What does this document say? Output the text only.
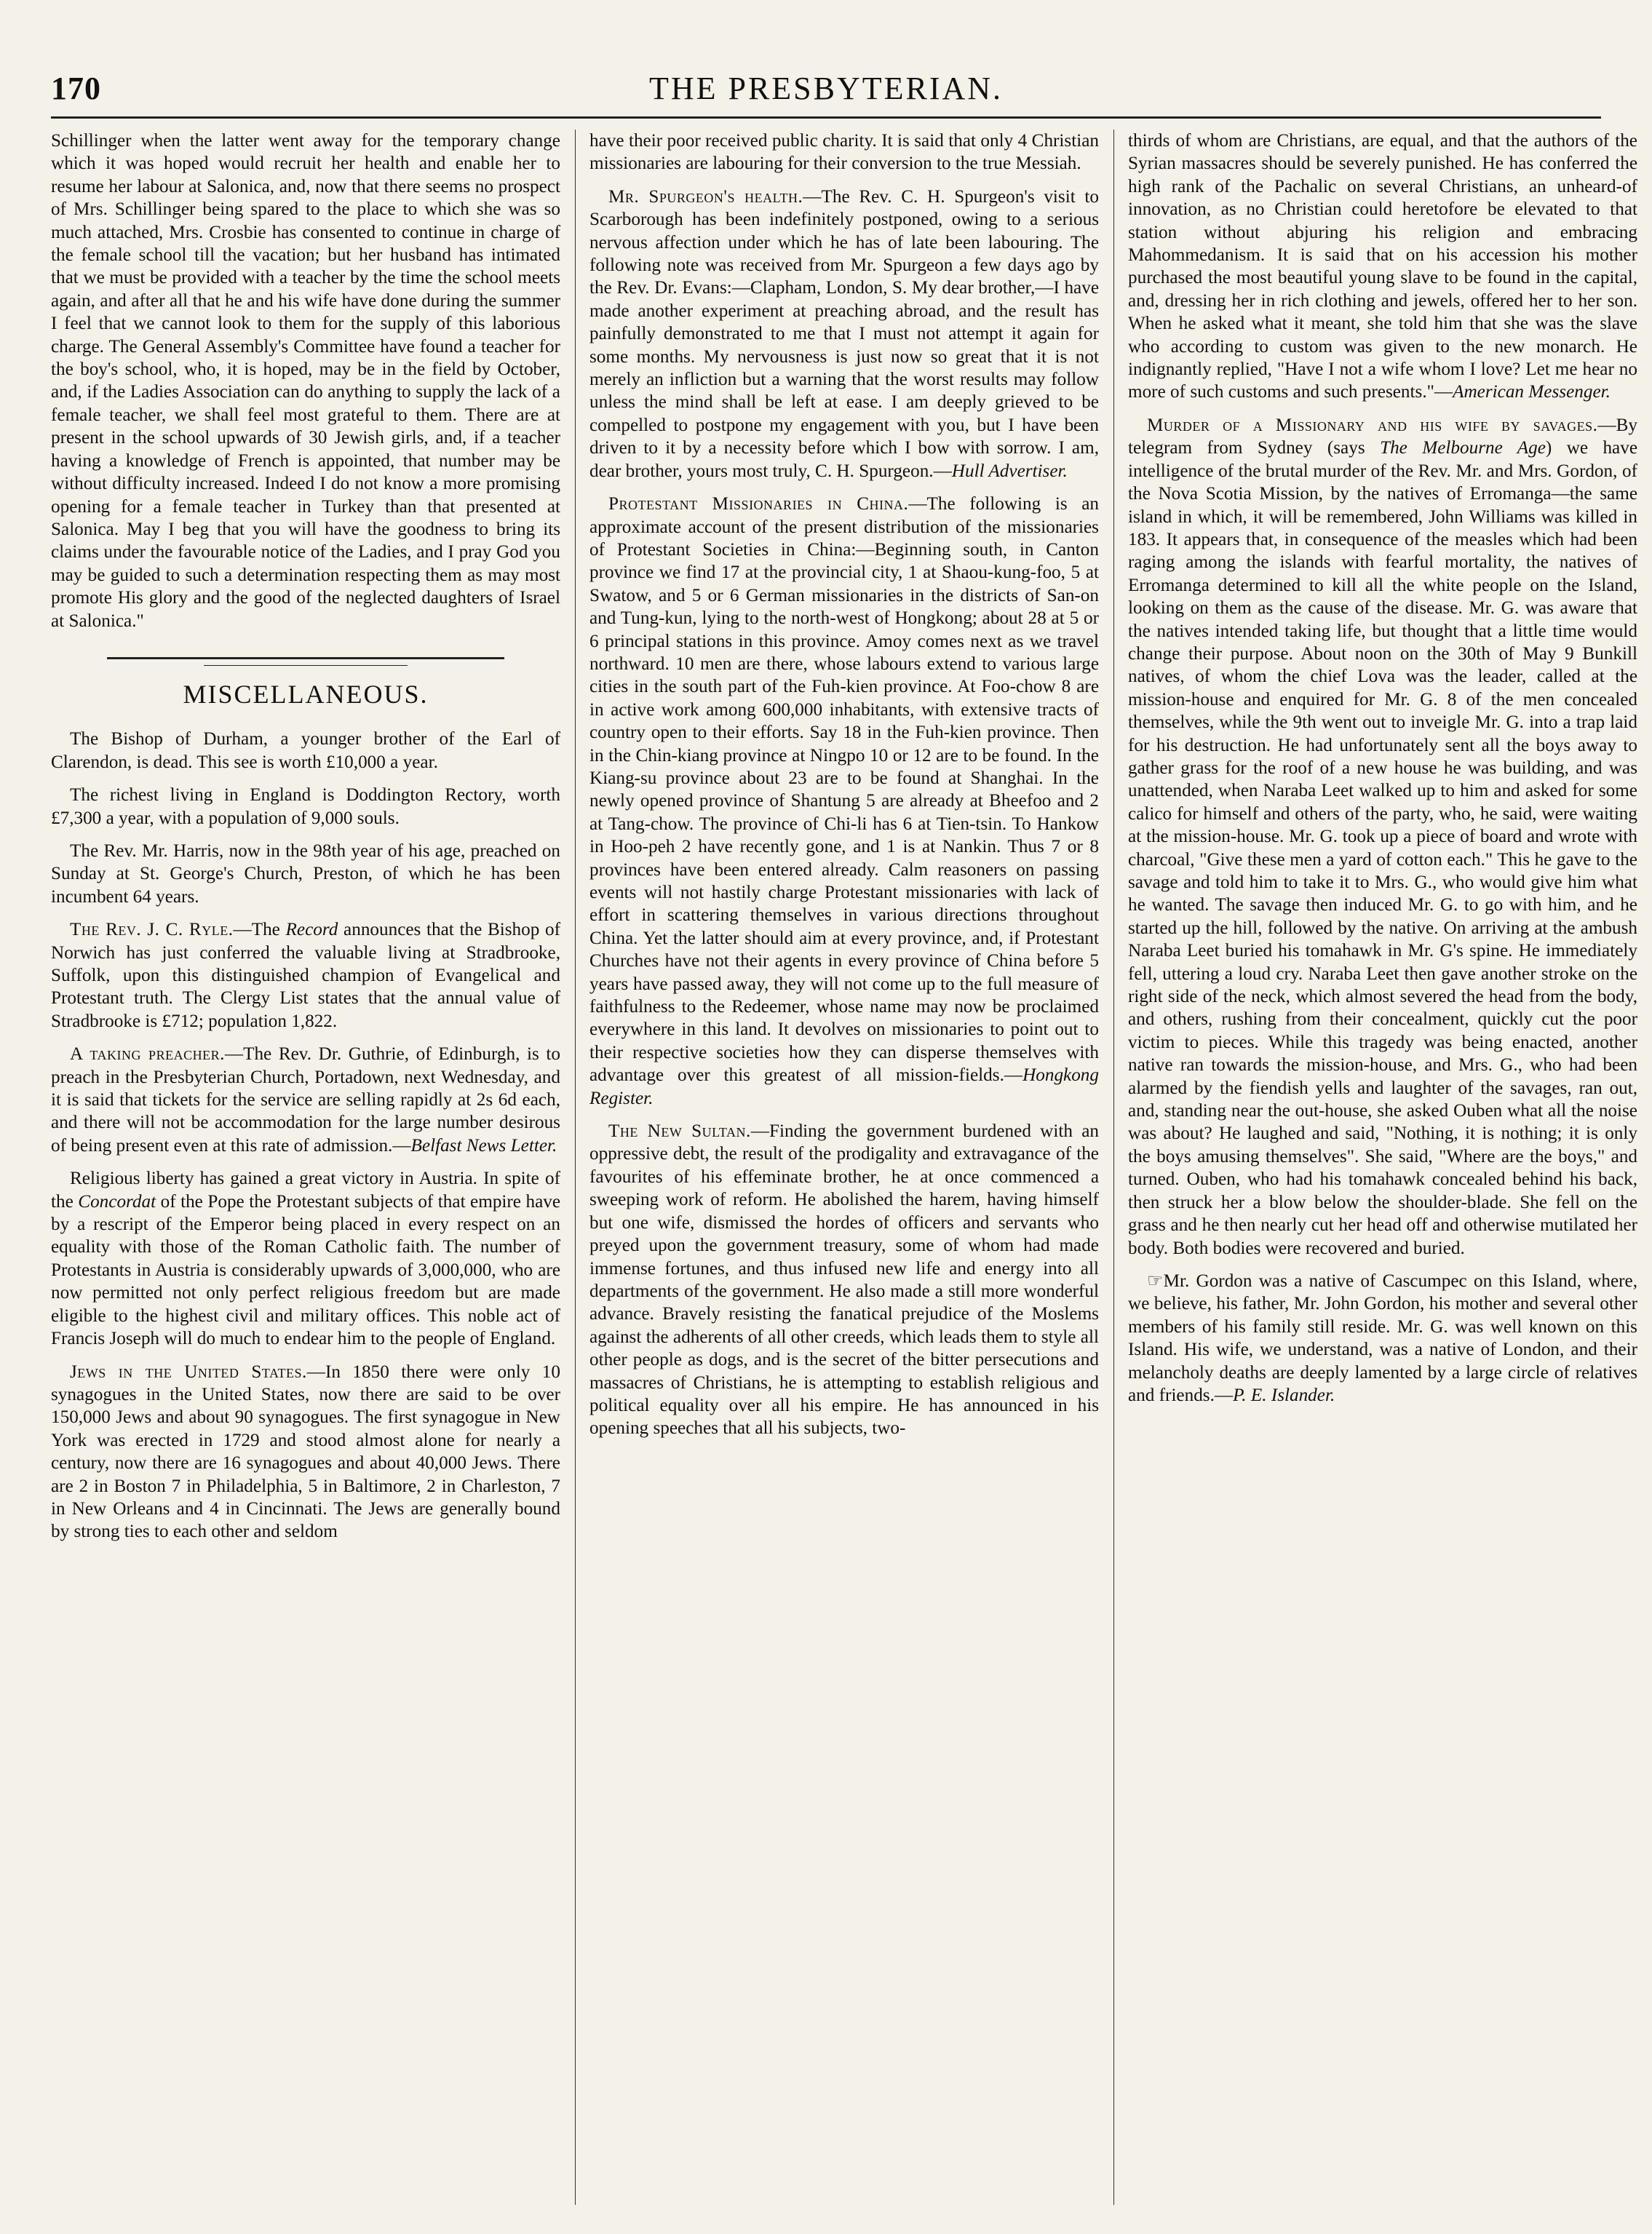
170	THE PRESBYTERIAN.

Schillinger when the latter went away for the temporary change which it was hoped would recruit her health and enable her to resume her labour at Salonica, and, now that there seems no prospect of Mrs. Schillinger being spared to the place to which she was so much attached, Mrs. Crosbie has consented to continue in charge of the female school till the vacation; but her husband has intimated that we must be provided with a teacher by the time the school meets again, and after all that he and his wife have done during the summer I feel that we cannot look to them for the supply of this laborious charge. The General Assembly's Committee have found a teacher for the boy's school, who, it is hoped, may be in the field by October, and, if the Ladies Association can do anything to supply the lack of a female teacher, we shall feel most grateful to them. There are at present in the school upwards of 30 Jewish girls, and, if a teacher having a knowledge of French is appointed, that number may be without difficulty increased. Indeed I do not know a more promising opening for a female teacher in Turkey than that presented at Salonica. May I beg that you will have the goodness to bring its claims under the favourable notice of the Ladies, and I pray God you may be guided to such a determination respecting them as may most promote His glory and the good of the neglected daughters of Israel at Salonica."

MISCELLANEOUS.

The Bishop of Durham, a younger brother of the Earl of Clarendon, is dead. This see is worth £10,000 a year.

The richest living in England is Doddington Rectory, worth £7,300 a year, with a population of 9,000 souls.

The Rev. Mr. Harris, now in the 98th year of his age, preached on Sunday at St. George's Church, Preston, of which he has been incumbent 64 years.

The Rev. J. C. Ryle.—The Record announces that the Bishop of Norwich has just conferred the valuable living at Stradbrooke, Suffolk, upon this distinguished champion of Evangelical and Protestant truth. The Clergy List states that the annual value of Stradbrooke is £712; population 1,822.

A taking preacher.—The Rev. Dr. Guthrie, of Edinburgh, is to preach in the Presbyterian Church, Portadown, next Wednesday, and it is said that tickets for the service are selling rapidly at 2s 6d each, and there will not be accommodation for the large number desirous of being present even at this rate of admission.—Belfast News Letter.

Religious liberty has gained a great victory in Austria. In spite of the Concordat of the Pope the Protestant subjects of that empire have by a rescript of the Emperor being placed in every respect on an equality with those of the Roman Catholic faith. The number of Protestants in Austria is considerably upwards of 3,000,000, who are now permitted not only perfect religious freedom but are made eligible to the highest civil and military offices. This noble act of Francis Joseph will do much to endear him to the people of England.

Jews in the United States.—In 1850 there were only 10 synagogues in the United States, now there are said to be over 150,000 Jews and about 90 synagogues. The first synagogue in New York was erected in 1729 and stood almost alone for nearly a century, now there are 16 synagogues and about 40,000 Jews. There are 2 in Boston 7 in Philadelphia, 5 in Baltimore, 2 in Charleston, 7 in New Orleans and 4 in Cincinnati. The Jews are generally bound by strong ties to each other and seldom

have their poor received public charity. It is said that only 4 Christian missionaries are labouring for their conversion to the true Messiah.

Mr. Spurgeon's health.—The Rev. C. H. Spurgeon's visit to Scarborough has been indefinitely postponed, owing to a serious nervous affection under which he has of late been labouring. The following note was received from Mr. Spurgeon a few days ago by the Rev. Dr. Evans:—Clapham, London, S. My dear brother,—I have made another experiment at preaching abroad, and the result has painfully demonstrated to me that I must not attempt it again for some months. My nervousness is just now so great that it is not merely an infliction but a warning that the worst results may follow unless the mind shall be left at ease. I am deeply grieved to be compelled to postpone my engagement with you, but I have been driven to it by a necessity before which I bow with sorrow. I am, dear brother, yours most truly, C. H. Spurgeon.—Hull Advertiser.

Protestant Missionaries in China.—The following is an approximate account of the present distribution of the missionaries of Protestant Societies in China:—Beginning south, in Canton province we find 17 at the provincial city, 1 at Shaou-kung-foo, 5 at Swatow, and 5 or 6 German missionaries in the districts of San-on and Tung-kun, lying to the north-west of Hongkong; about 28 at 5 or 6 principal stations in this province. Amoy comes next as we travel northward. 10 men are there, whose labours extend to various large cities in the south part of the Fuh-kien province. At Foo-chow 8 are in active work among 600,000 inhabitants, with extensive tracts of country open to their efforts. Say 18 in the Fuh-kien province. Then in the Chin-kiang province at Ningpo 10 or 12 are to be found. In the Kiang-su province about 23 are to be found at Shanghai. In the newly opened province of Shantung 5 are already at Bheefoo and 2 at Tang-chow. The province of Chi-li has 6 at Tien-tsin. To Hankow in Hoo-peh 2 have recently gone, and 1 is at Nankin. Thus 7 or 8 provinces have been entered already. Calm reasoners on passing events will not hastily charge Protestant missionaries with lack of effort in scattering themselves in various directions throughout China. Yet the latter should aim at every province, and, if Protestant Churches have not their agents in every province of China before 5 years have passed away, they will not come up to the full measure of faithfulness to the Redeemer, whose name may now be proclaimed everywhere in this land. It devolves on missionaries to point out to their respective societies how they can disperse themselves with advantage over this greatest of all mission-fields.—Hongkong Register.

The New Sultan.—Finding the government burdened with an oppressive debt, the result of the prodigality and extravagance of the favourites of his effeminate brother, he at once commenced a sweeping work of reform. He abolished the harem, having himself but one wife, dismissed the hordes of officers and servants who preyed upon the government treasury, some of whom had made immense fortunes, and thus infused new life and energy into all departments of the government. He also made a still more wonderful advance. Bravely resisting the fanatical prejudice of the Moslems against the adherents of all other creeds, which leads them to style all other people as dogs, and is the secret of the bitter persecutions and massacres of Christians, he is attempting to establish religious and political equality over all his empire. He has announced in his opening speeches that all his subjects, two-

thirds of whom are Christians, are equal, and that the authors of the Syrian massacres should be severely punished. He has conferred the high rank of the Pachalic on several Christians, an unheard-of innovation, as no Christian could heretofore be elevated to that station without abjuring his religion and embracing Mahommedanism. It is said that on his accession his mother purchased the most beautiful young slave to be found in the capital, and, dressing her in rich clothing and jewels, offered her to her son. When he asked what it meant, she told him that she was the slave who according to custom was given to the new monarch. He indignantly replied, "Have I not a wife whom I love? Let me hear no more of such customs and such presents."—American Messenger.

Murder of a Missionary and his wife by savages.—By telegram from Sydney (says The Melbourne Age) we have intelligence of the brutal murder of the Rev. Mr. and Mrs. Gordon, of the Nova Scotia Mission, by the natives of Erromanga—the same island in which, it will be remembered, John Williams was killed in 183. It appears that, in consequence of the measles which had been raging among the islands with fearful mortality, the natives of Erromanga determined to kill all the white people on the Island, looking on them as the cause of the disease. Mr. G. was aware that the natives intended taking life, but thought that a little time would change their purpose. About noon on the 30th of May 9 Bunkill natives, of whom the chief Lova was the leader, called at the mission-house and enquired for Mr. G. 8 of the men concealed themselves, while the 9th went out to inveigle Mr. G. into a trap laid for his destruction. He had unfortunately sent all the boys away to gather grass for the roof of a new house he was building, and was unattended, when Naraba Leet walked up to him and asked for some calico for himself and others of the party, who, he said, were waiting at the mission-house. Mr. G. took up a piece of board and wrote with charcoal, "Give these men a yard of cotton each." This he gave to the savage and told him to take it to Mrs. G., who would give him what he wanted. The savage then induced Mr. G. to go with him, and he started up the hill, followed by the native. On arriving at the ambush Naraba Leet buried his tomahawk in Mr. G's spine. He immediately fell, uttering a loud cry. Naraba Leet then gave another stroke on the right side of the neck, which almost severed the head from the body, and others, rushing from their concealment, quickly cut the poor victim to pieces. While this tragedy was being enacted, another native ran towards the mission-house, and Mrs. G., who had been alarmed by the fiendish yells and laughter of the savages, ran out, and, standing near the out-house, she asked Ouben what all the noise was about? He laughed and said, "Nothing, it is nothing; it is only the boys amusing themselves". She said, "Where are the boys," and turned. Ouben, who had his tomahawk concealed behind his back, then struck her a blow below the shoulder-blade. She fell on the grass and he then nearly cut her head off and otherwise mutilated her body. Both bodies were recovered and buried.

☞Mr. Gordon was a native of Cascumpec on this Island, where, we believe, his father, Mr. John Gordon, his mother and several other members of his family still reside. Mr. G. was well known on this Island. His wife, we understand, was a native of London, and their melancholy deaths are deeply lamented by a large circle of relatives and friends.—P. E. Islander.
